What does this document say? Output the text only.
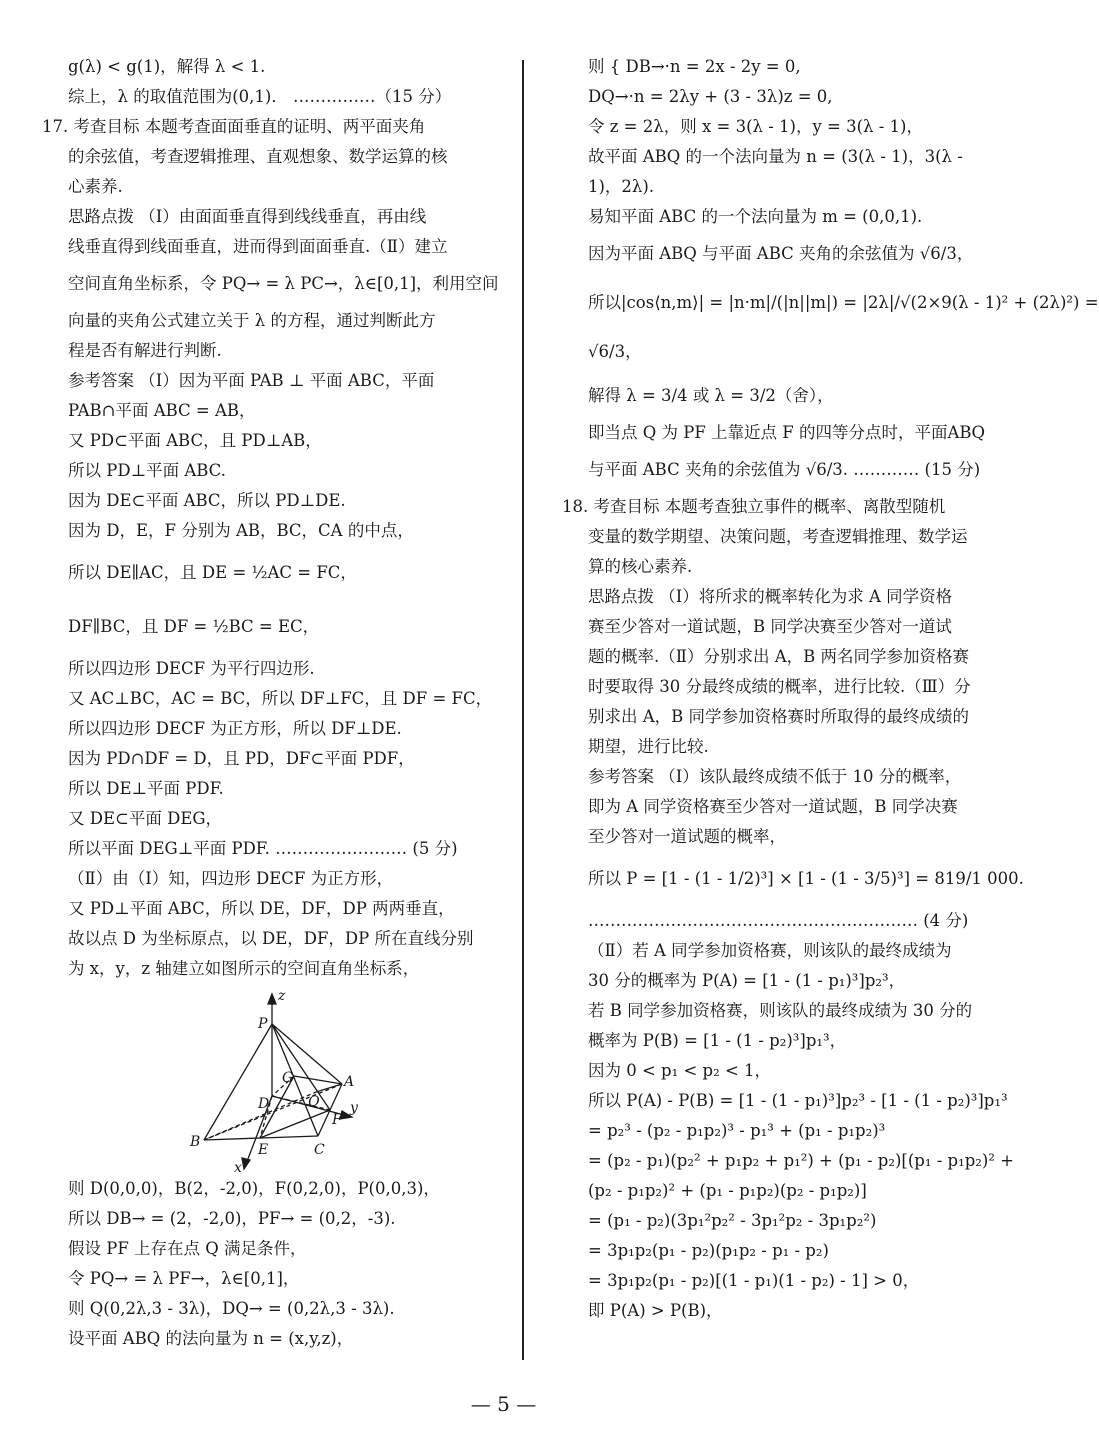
g(λ) < g(1)，解得 λ < 1.
综上，λ 的取值范围为(0,1)． ……………（15 分）
17. 考查目标 本题考查面面垂直的证明、两平面夹角
的余弦值，考查逻辑推理、直观想象、数学运算的核
心素养.
思路点拨 （Ⅰ）由面面垂直得到线线垂直，再由线
线垂直得到线面垂直，进而得到面面垂直.（Ⅱ）建立
空间直角坐标系，令 PQ→ = λ PC→，λ∈[0,1]，利用空间
向量的夹角公式建立关于 λ 的方程，通过判断此方
程是否有解进行判断.
参考答案 （Ⅰ）因为平面 PAB ⊥ 平面 ABC，平面
PAB∩平面 ABC = AB，
又 PD⊂平面 ABC，且 PD⊥AB，
所以 PD⊥平面 ABC.
因为 DE⊂平面 ABC，所以 PD⊥DE.
因为 D，E，F 分别为 AB，BC，CA 的中点，
所以 DE∥AC，且 DE = ½AC = FC，
DF∥BC，且 DF = ½BC = EC，
所以四边形 DECF 为平行四边形.
又 AC⊥BC，AC = BC，所以 DF⊥FC，且 DF = FC，
所以四边形 DECF 为正方形，所以 DF⊥DE.
因为 PD∩DF = D，且 PD，DF⊂平面 PDF，
所以 DE⊥平面 PDF.
又 DE⊂平面 DEG，
所以平面 DEG⊥平面 PDF. …………………… (5 分)
（Ⅱ）由（Ⅰ）知，四边形 DECF 为正方形，
又 PD⊥平面 ABC，所以 DE，DF，DP 两两垂直，
故以点 D 为坐标原点，以 DE，DF，DP 所在直线分别
为 x，y，z 轴建立如图所示的空间直角坐标系，
则 D(0,0,0)，B(2，-2,0)，F(0,2,0)，P(0,0,3)，
所以 DB→ = (2，-2,0)，PF→ = (0,2，-3).
假设 PF 上存在点 Q 满足条件，
令 PQ→ = λ PF→，λ∈[0,1]，
则 Q(0,2λ,3 - 3λ)，DQ→ = (0,2λ,3 - 3λ).
设平面 ABQ 的法向量为 n = (x,y,z)，
z
y
x
P
G	A
D	Q
F
B	E	C
则 { DB→·n = 2x - 2y = 0,
DQ→·n = 2λy + (3 - 3λ)z = 0,
令 z = 2λ，则 x = 3(λ - 1)，y = 3(λ - 1)，
故平面 ABQ 的一个法向量为 n = (3(λ - 1)，3(λ -
1)，2λ).
易知平面 ABC 的一个法向量为 m = (0,0,1).
因为平面 ABQ 与平面 ABC 夹角的余弦值为 √6/3，
所以|cos⟨n,m⟩| = |n·m|/(|n||m|) = |2λ|/√(2×9(λ - 1)² + (2λ)²) =
√6/3，
解得 λ = 3/4 或 λ = 3/2（舍），
即当点 Q 为 PF 上靠近点 F 的四等分点时，平面ABQ
与平面 ABC 夹角的余弦值为 √6/3. ………… (15 分)
18. 考查目标 本题考查独立事件的概率、离散型随机
变量的数学期望、决策问题，考查逻辑推理、数学运
算的核心素养.
思路点拨 （Ⅰ）将所求的概率转化为求 A 同学资格
赛至少答对一道试题，B 同学决赛至少答对一道试
题的概率.（Ⅱ）分别求出 A，B 两名同学参加资格赛
时要取得 30 分最终成绩的概率，进行比较.（Ⅲ）分
别求出 A，B 同学参加资格赛时所取得的最终成绩的
期望，进行比较.
参考答案 （Ⅰ）该队最终成绩不低于 10 分的概率，
即为 A 同学资格赛至少答对一道试题，B 同学决赛
至少答对一道试题的概率，
所以 P = [1 - (1 - 1/2)³] × [1 - (1 - 3/5)³] = 819/1 000.
…………………………………………………… (4 分)
（Ⅱ）若 A 同学参加资格赛，则该队的最终成绩为
30 分的概率为 P(A) = [1 - (1 - p₁)³]p₂³，
若 B 同学参加资格赛，则该队的最终成绩为 30 分的
概率为 P(B) = [1 - (1 - p₂)³]p₁³，
因为 0 < p₁ < p₂ < 1，
所以 P(A) - P(B) = [1 - (1 - p₁)³]p₂³ - [1 - (1 - p₂)³]p₁³
= p₂³ - (p₂ - p₁p₂)³ - p₁³ + (p₁ - p₁p₂)³
= (p₂ - p₁)(p₂² + p₁p₂ + p₁²) + (p₁ - p₂)[(p₁ - p₁p₂)² +
(p₂ - p₁p₂)² + (p₁ - p₁p₂)(p₂ - p₁p₂)]
= (p₁ - p₂)(3p₁²p₂² - 3p₁²p₂ - 3p₁p₂²)
= 3p₁p₂(p₁ - p₂)(p₁p₂ - p₁ - p₂)
= 3p₁p₂(p₁ - p₂)[(1 - p₁)(1 - p₂) - 1] > 0，
即 P(A) > P(B)，
— 5 —
